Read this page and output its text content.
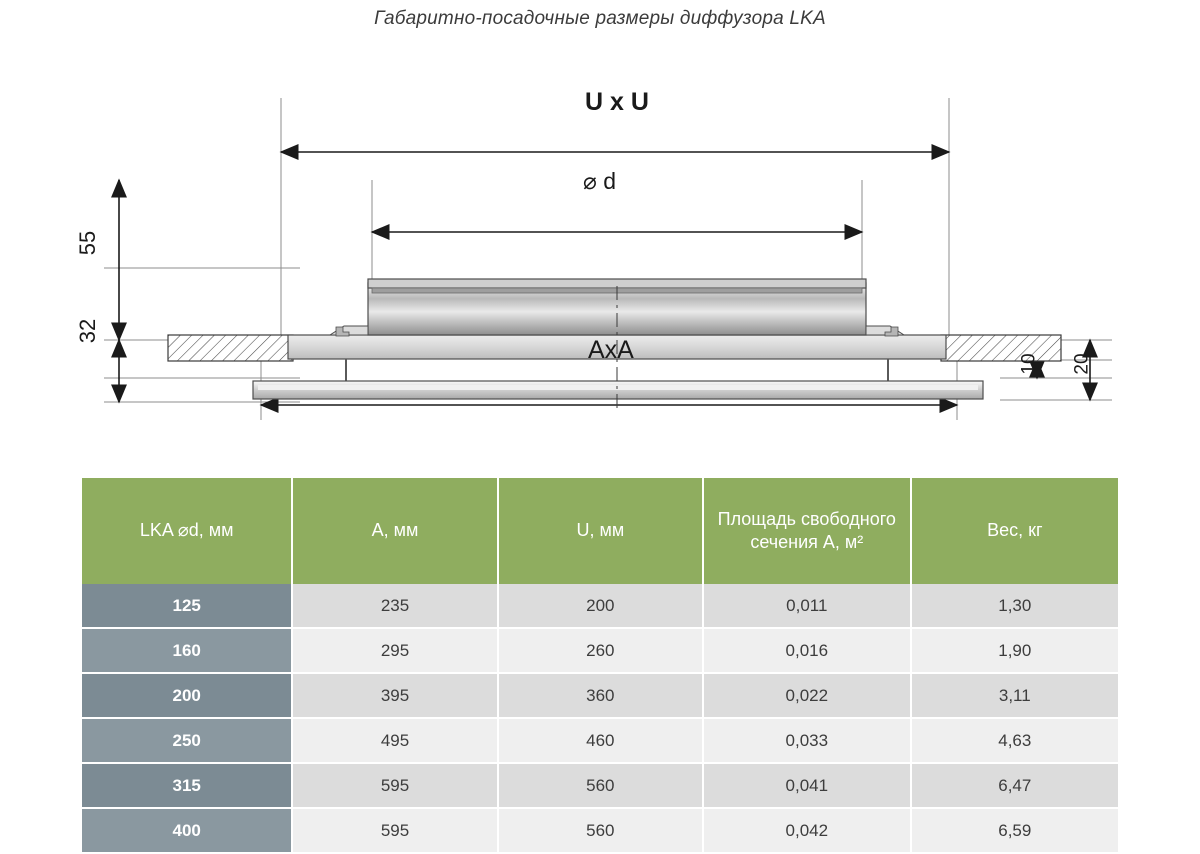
Габаритно-посадочные размеры диффузора LKA
U x U
⌀ d
AxA
55
32
10 20
LKA ⌀d, мм	A, мм	U, мм	Площадь свободного сечения A, м²	Вес, кг
125	235	200	0,011	1,30
160	295	260	0,016	1,90
200	395	360	0,022	3,11
250	495	460	0,033	4,63
315	595	560	0,041	6,47
400	595	560	0,042	6,59
